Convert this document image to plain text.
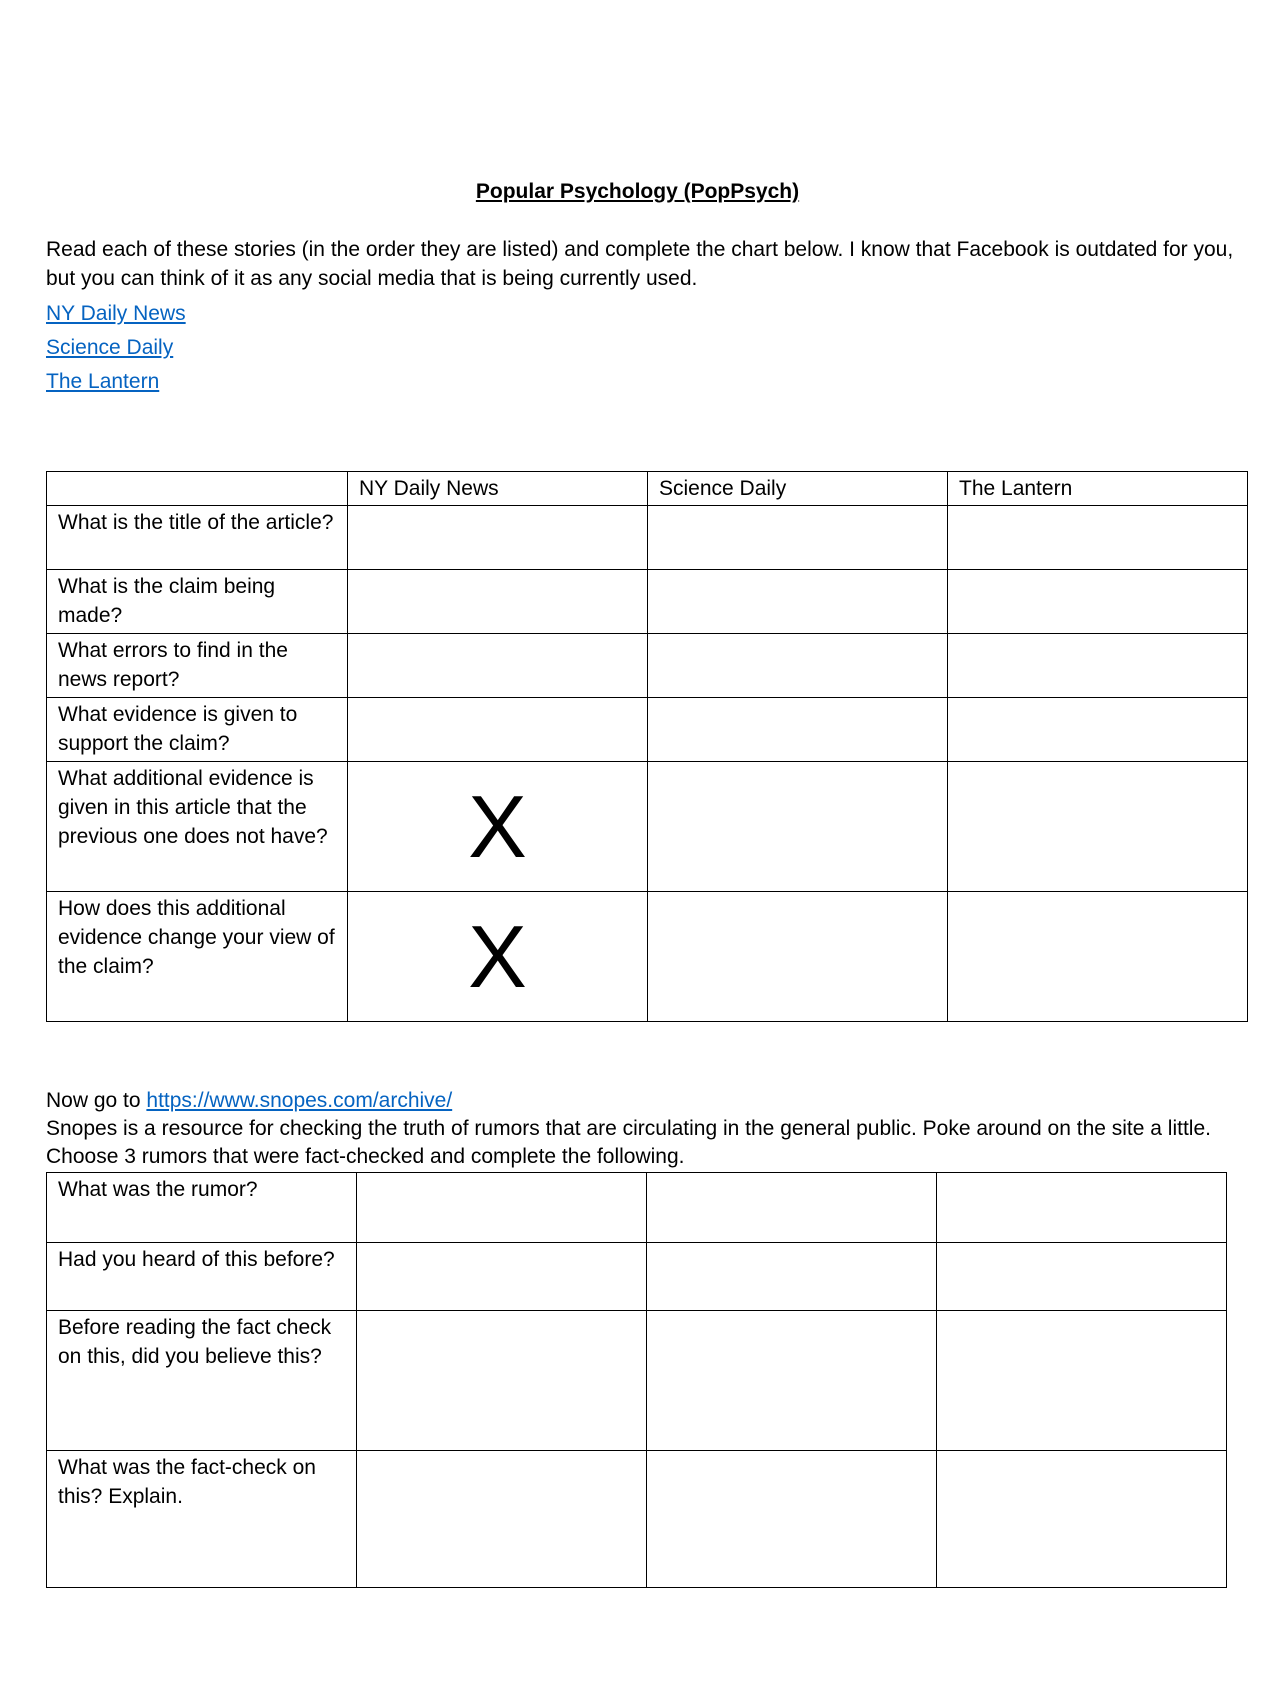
Popular Psychology (PopPsych)
Read each of these stories (in the order they are listed) and complete the chart below. I know that Facebook is outdated for you, but you can think of it as any social media that is being currently used.
NY Daily News
Science Daily
The Lantern
	NY Daily News	Science Daily	The Lantern
What is the title of the article?			
What is the claim being made?			
What errors to find in the news report?			
What evidence is given to support the claim?			
What additional evidence is given in this article that the previous one does not have?	X		
How does this additional evidence change your view of the claim?	X		
Now go to https://www.snopes.com/archive/
Snopes is a resource for checking the truth of rumors that are circulating in the general public. Poke around on the site a little.
Choose 3 rumors that were fact-checked and complete the following.
What was the rumor?			
Had you heard of this before?			
Before reading the fact check on this, did you believe this?			
What was the fact-check on this? Explain.			
